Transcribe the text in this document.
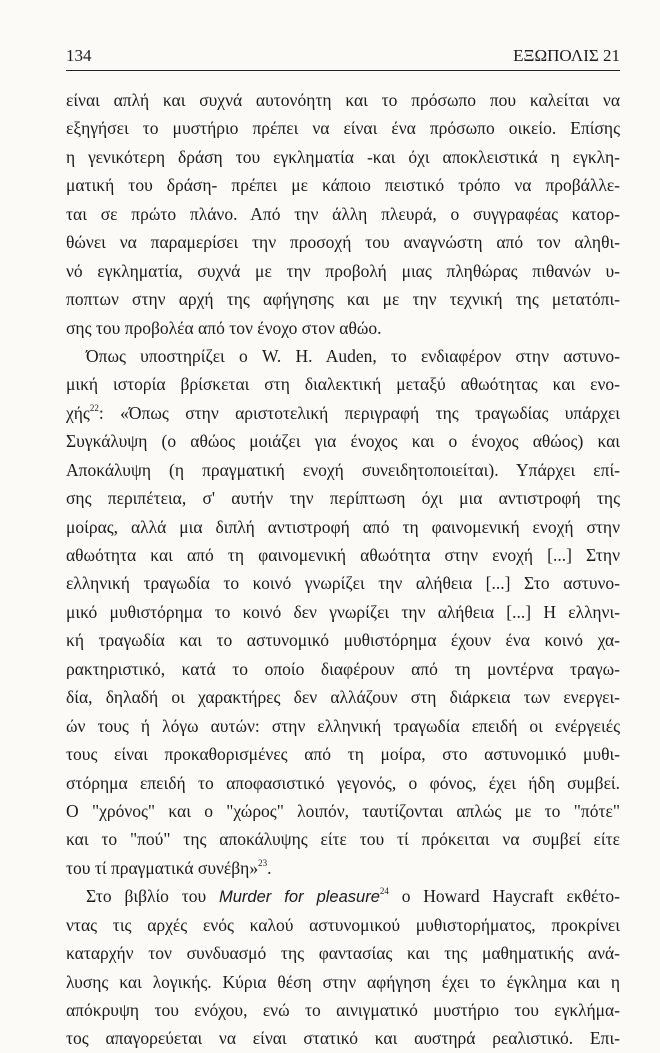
134	ΕΞΩΠΟΛΙΣ 21
είναι απλή και συχνά αυτονόητη και το πρόσωπο που καλείται να
εξηγήσει το μυστήριο πρέπει να είναι ένα πρόσωπο οικείο. Επίσης
η γενικότερη δράση του εγκληματία -και όχι αποκλειστικά η εγκλη-
ματική του δράση- πρέπει με κάποιο πειστικό τρόπο να προβάλλε-
ται σε πρώτο πλάνο. Από την άλλη πλευρά, ο συγγραφέας κατορ-
θώνει να παραμερίσει την προσοχή του αναγνώστη από τον αληθι-
νό εγκληματία, συχνά με την προβολή μιας πληθώρας πιθανών υ-
ποπτων στην αρχή της αφήγησης και με την τεχνική της μετατόπι-
σης του προβολέα από τον ένοχο στον αθώο.
Όπως υποστηρίζει ο W. H. Auden, το ενδιαφέρον στην αστυνο-
μική ιστορία βρίσκεται στη διαλεκτική μεταξύ αθωότητας και ενο-
χής$^{22}$: «Όπως στην αριστοτελική περιγραφή της τραγωδίας υπάρχει
Συγκάλυψη (ο αθώος μοιάζει για ένοχος και ο ένοχος αθώος) και
Αποκάλυψη (η πραγματική ενοχή συνειδητοποιείται). Υπάρχει επί-
σης περιπέτεια, σ' αυτήν την περίπτωση όχι μια αντιστροφή της
μοίρας, αλλά μια διπλή αντιστροφή από τη φαινομενική ενοχή στην
αθωότητα και από τη φαινομενική αθωότητα στην ενοχή [...] Στην
ελληνική τραγωδία το κοινό γνωρίζει την αλήθεια [...] Στο αστυνο-
μικό μυθιστόρημα το κοινό δεν γνωρίζει την αλήθεια [...] Η ελληνι-
κή τραγωδία και το αστυνομικό μυθιστόρημα έχουν ένα κοινό χα-
ρακτηριστικό, κατά το οποίο διαφέρουν από τη μοντέρνα τραγω-
δία, δηλαδή οι χαρακτήρες δεν αλλάζουν στη διάρκεια των ενεργει-
ών τους ή λόγω αυτών: στην ελληνική τραγωδία επειδή οι ενέργειές
τους είναι προκαθορισμένες από τη μοίρα, στο αστυνομικό μυθι-
στόρημα επειδή το αποφασιστικό γεγονός, ο φόνος, έχει ήδη συμβεί.
Ο "χρόνος" και ο "χώρος" λοιπόν, ταυτίζονται απλώς με το "πότε"
και το "πού" της αποκάλυψης είτε του τί πρόκειται να συμβεί είτε
του τί πραγματικά συνέβη»$^{23}$.
Στο βιβλίο του Murder for pleasure$^{24}$ ο Howard Haycraft εκθέτο-
ντας τις αρχές ενός καλού αστυνομικού μυθιστορήματος, προκρίνει
καταρχήν τον συνδυασμό της φαντασίας και της μαθηματικής ανά-
λυσης και λογικής. Κύρια θέση στην αφήγηση έχει το έγκλημα και η
απόκρυψη του ενόχου, ενώ το αινιγματικό μυστήριο του εγκλήμα-
τος απαγορεύεται να είναι στατικό και αυστηρά ρεαλιστικό. Επι-
